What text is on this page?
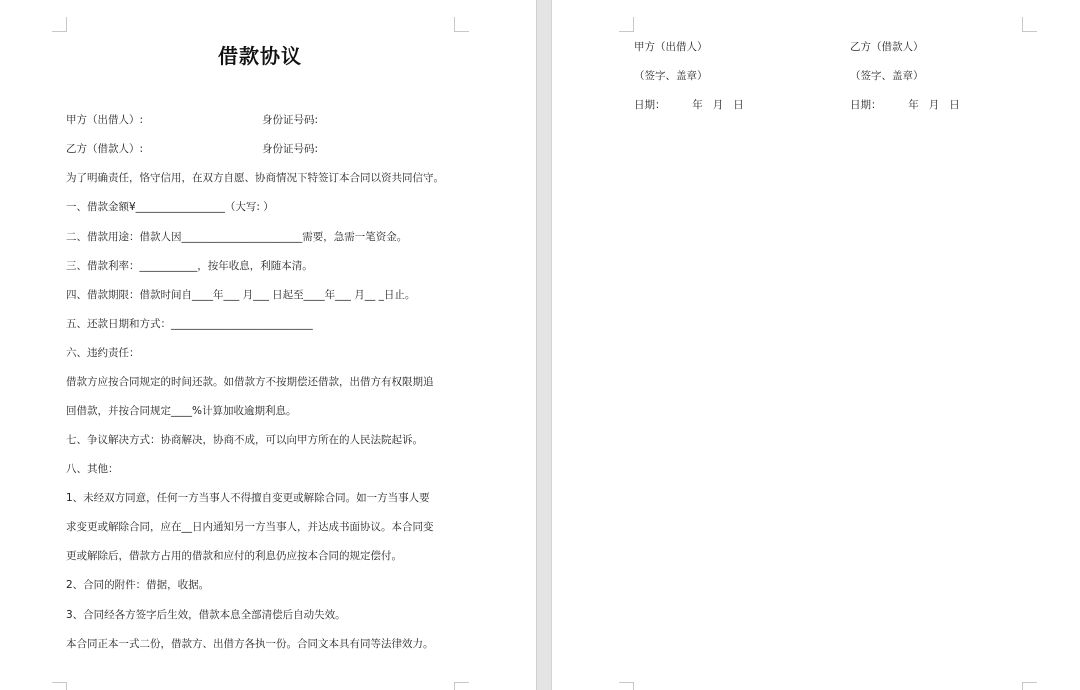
借款协议
甲方（出借人）:	身份证号码:
乙方（借款人）:	身份证号码:
为了明确责任，恪守信用，在双方自愿、协商情况下特签订本合同以资共同信守。
一、借款金额¥_________________（大写: ）
二、借款用途：借款人因_______________________需要，急需一笔资金。
三、借款利率：___________，按年收息，利随本清。
四、借款期限：借款时间自____年___ 月___ 日起至____年___ 月__ _日止。
五、还款日期和方式：___________________________
六、违约责任：
借款方应按合同规定的时间还款。如借款方不按期偿还借款，出借方有权限期追
回借款，并按合同规定____%计算加收逾期利息。
七、争议解决方式：协商解决，协商不成，可以向甲方所在的人民法院起诉。
八、其他：
1、未经双方同意，任何一方当事人不得擅自变更或解除合同。如一方当事人要
求变更或解除合同，应在__日内通知另一方当事人，并达成书面协议。本合同变
更或解除后，借款方占用的借款和应付的利息仍应按本合同的规定偿付。
2、合同的附件：借据，收据。
3、合同经各方签字后生效，借款本息全部清偿后自动失效。
本合同正本一式二份，借款方、出借方各执一份。合同文本具有同等法律效力。
甲方（出借人）
（签字、盖章）
日期：        年   月   日
乙方（借款人）
（签字、盖章）
日期：        年   月   日
